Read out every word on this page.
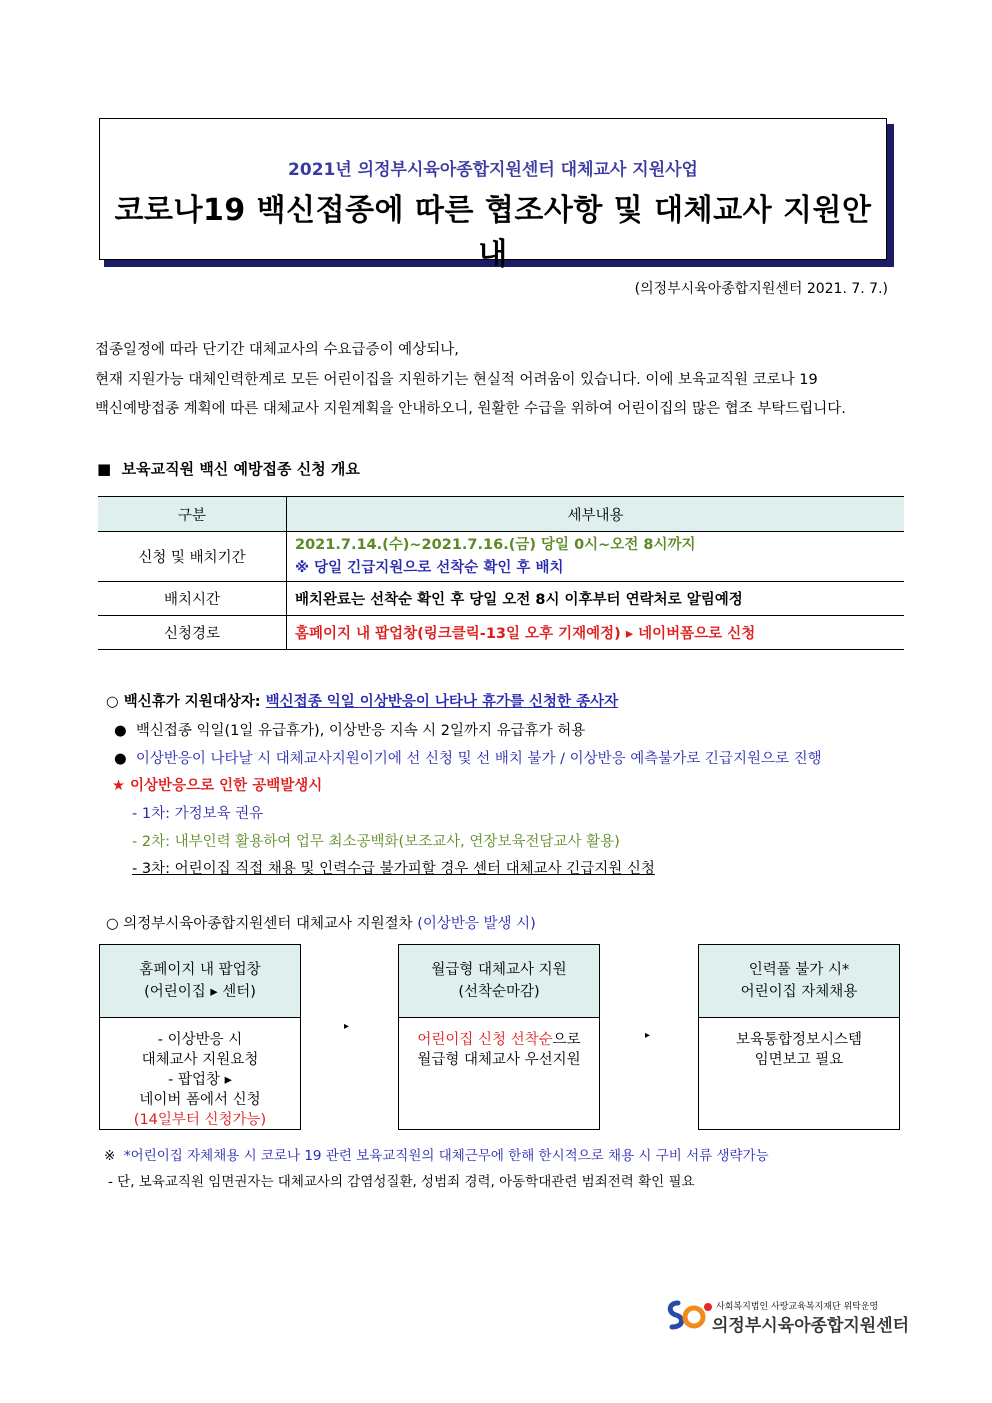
2021년 의정부시육아종합지원센터 대체교사 지원사업
코로나19 백신접종에 따른 협조사항 및 대체교사 지원안내
(의정부시육아종합지원센터 2021. 7. 7.)
접종일정에 따라 단기간 대체교사의 수요급증이 예상되나,
현재 지원가능 대체인력한계로 모든 어린이집을 지원하기는 현실적 어려움이 있습니다. 이에 보육교직원 코로나 19
백신예방접종 계획에 따른 대체교사 지원계획을 안내하오니, 원활한 수급을 위하여 어린이집의 많은 협조 부탁드립니다.
■ 보육교직원 백신 예방접종 신청 개요
구분	세부내용
신청 및 배치기간	2021.7.14.(수)~2021.7.16.(금) 당일 0시~오전 8시까지
※ 당일 긴급지원으로 선착순 확인 후 배치

배치시간	배치완료는 선착순 확인 후 당일 오전 8시 이후부터 연락처로 알림예정
신청경로	홈페이지 내 팝업창(링크클릭-13일 오후 기재예정) ▸ 네이버폼으로 신청
○ 백신휴가 지원대상자: 백신접종 익일 이상반응이 나타나 휴가를 신청한 종사자
● 백신접종 익일(1일 유급휴가), 이상반응 지속 시 2일까지 유급휴가 허용
● 이상반응이 나타날 시 대체교사지원이기에 선 신청 및 선 배치 불가 / 이상반응 예측불가로 긴급지원으로 진행
★ 이상반응으로 인한 공백발생시
- 1차: 가정보육 권유
- 2차: 내부인력 활용하여 업무 최소공백화(보조교사, 연장보육전담교사 활용)
- 3차: 어린이집 직접 채용 및 인력수급 불가피할 경우 센터 대체교사 긴급지원 신청
○ 의정부시육아종합지원센터 대체교사 지원절차 (이상반응 발생 시)
홈페이지 내 팝업창
(어린이집 ▸ 센터)
- 이상반응 시
대체교사 지원요청
- 팝업창 ▸
네이버 폼에서 신청
(14일부터 신청가능)
▸
월급형 대체교사 지원
(선착순마감)
어린이집 신청 선착순으로
월급형 대체교사 우선지원
▸
인력풀 불가 시*
어린이집 자체채용
보육통합정보시스템
임면보고 필요
※ *어린이집 자체채용 시 코로나 19 관련 보육교직원의 대체근무에 한해 한시적으로 채용 시 구비 서류 생략가능
- 단, 보육교직원 임면권자는 대체교사의 감염성질환, 성범죄 경력, 아동학대관련 범죄전력 확인 필요
사회복지법인 사랑교육복지재단 위탁운영
의정부시육아종합지원센터
